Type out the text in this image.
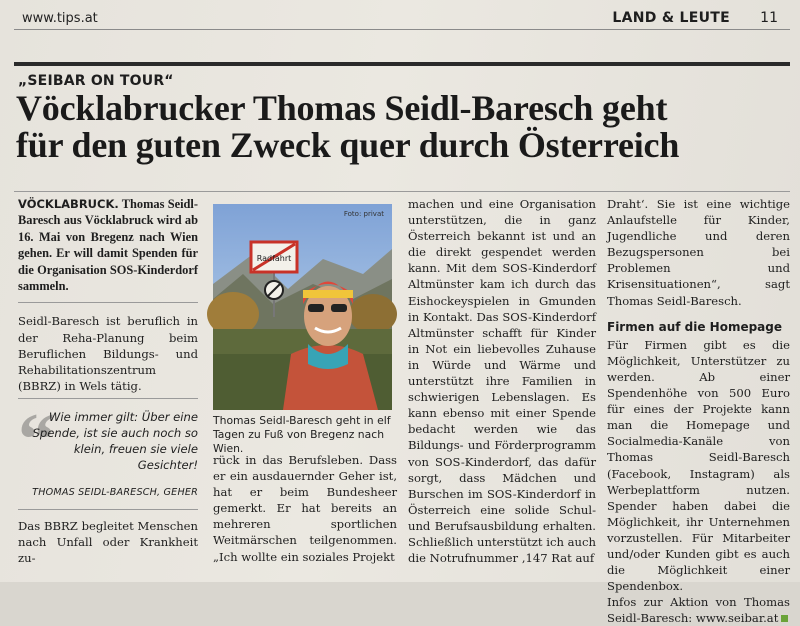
www.tips.at	LAND & LEUTE 11
„SEIBAR ON TOUR“
Vöcklabrucker Thomas Seidl-Baresch geht
für den guten Zweck quer durch Österreich

VÖCKLABRUCK. Thomas Seidl-Baresch aus Vöcklabruck wird ab 16. Mai von Bregenz nach Wien gehen. Er will damit Spenden für die Organisation SOS-Kinderdorf sammeln.

Seidl-Baresch ist beruflich in der Reha-Planung beim Beruflichen Bildungs- und Rehabilitationszentrum (BBRZ) in Wels tätig.

“
Wie immer gilt: Über eine Spende, ist sie auch noch so klein, freuen sie viele Gesichter!
THOMAS SEIDL-BARESCH, GEHER

Das BBRZ begleitet Menschen nach Unfall oder Krankheit zu-

Radfahrt
Foto: privat
Thomas Seidl-Baresch geht in elf Tagen zu Fuß von Bregenz nach Wien.

rück in das Berufsleben. Dass er ein ausdauernder Geher ist, hat er beim Bundesheer gemerkt. Er hat bereits an mehreren sportlichen Weitmärschen teilgenommen. „Ich wollte ein soziales Projekt

machen und eine Organisation unterstützen, die in ganz Österreich bekannt ist und an die direkt gespendet werden kann. Mit dem SOS-Kinderdorf Altmünster kam ich durch das Eishockeyspielen in Gmunden in Kontakt. Das SOS-Kinderdorf Altmünster schafft für Kinder in Not ein liebevolles Zuhause in Würde und Wärme und unterstützt ihre Familien in schwierigen Lebenslagen. Es kann ebenso mit einer Spende bedacht werden wie das Bildungs- und Förderprogramm von SOS-Kinderdorf, das dafür sorgt, dass Mädchen und Burschen im SOS-Kinderdorf in Österreich eine solide Schul- und Berufsausbildung erhalten. Schließlich unterstützt ich auch die Notrufnummer ‚147 Rat auf

Draht‘. Sie ist eine wichtige Anlaufstelle für Kinder, Jugendliche und deren Bezugspersonen bei Problemen und Krisensituationen“, sagt Thomas Seidl-Baresch.

Firmen auf die Homepage

Für Firmen gibt es die Möglichkeit, Unterstützer zu werden. Ab einer Spendenhöhe von 500 Euro für eines der Projekte kann man die Homepage und Socialmedia-Kanäle von Thomas Seidl-Baresch (Facebook, Instagram) als Werbeplattform nutzen. Spender haben dabei die Möglichkeit, ihr Unternehmen vorzustellen. Für Mitarbeiter und/oder Kunden gibt es auch die Möglichkeit einer Spendenbox.

Infos zur Aktion von Thomas Seidl-Baresch: www.seibar.at
